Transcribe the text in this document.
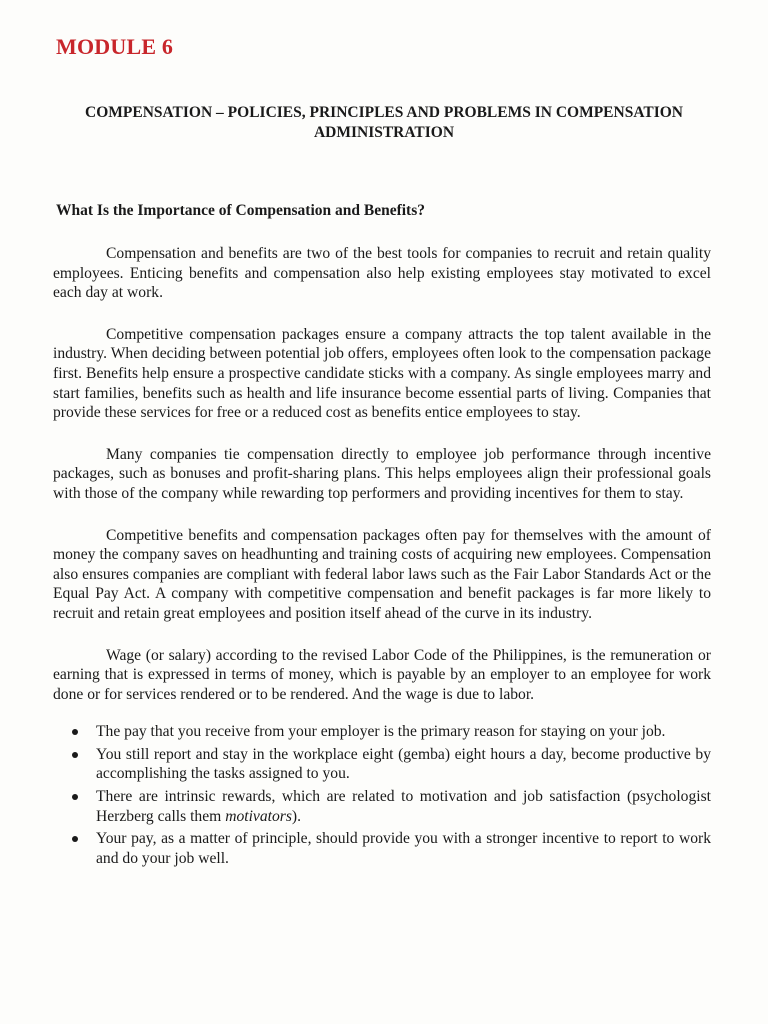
MODULE 6
COMPENSATION – POLICIES, PRINCIPLES AND PROBLEMS IN COMPENSATION
ADMINISTRATION
What Is the Importance of Compensation and Benefits?

Compensation and benefits are two of the best tools for companies to recruit and retain quality employees. Enticing benefits and compensation also help existing employees stay motivated to excel each day at work.

Competitive compensation packages ensure a company attracts the top talent available in the industry. When deciding between potential job offers, employees often look to the compensation package first. Benefits help ensure a prospective candidate sticks with a company. As single employees marry and start families, benefits such as health and life insurance become essential parts of living. Companies that provide these services for free or a reduced cost as benefits entice employees to stay.

Many companies tie compensation directly to employee job performance through incentive packages, such as bonuses and profit-sharing plans. This helps employees align their professional goals with those of the company while rewarding top performers and providing incentives for them to stay.

Competitive benefits and compensation packages often pay for themselves with the amount of money the company saves on headhunting and training costs of acquiring new employees. Compensation also ensures companies are compliant with federal labor laws such as the Fair Labor Standards Act or the Equal Pay Act. A company with competitive compensation and benefit packages is far more likely to recruit and retain great employees and position itself ahead of the curve in its industry.

Wage (or salary) according to the revised Labor Code of the Philippines, is the remuneration or earning that is expressed in terms of money, which is payable by an employer to an employee for work done or for services rendered or to be rendered. And the wage is due to labor.

The pay that you receive from your employer is the primary reason for staying on your job.
You still report and stay in the workplace eight (gemba) eight hours a day, become productive by accomplishing the tasks assigned to you.
There are intrinsic rewards, which are related to motivation and job satisfaction (psychologist Herzberg calls them motivators).
Your pay, as a matter of principle, should provide you with a stronger incentive to report to work and do your job well.
